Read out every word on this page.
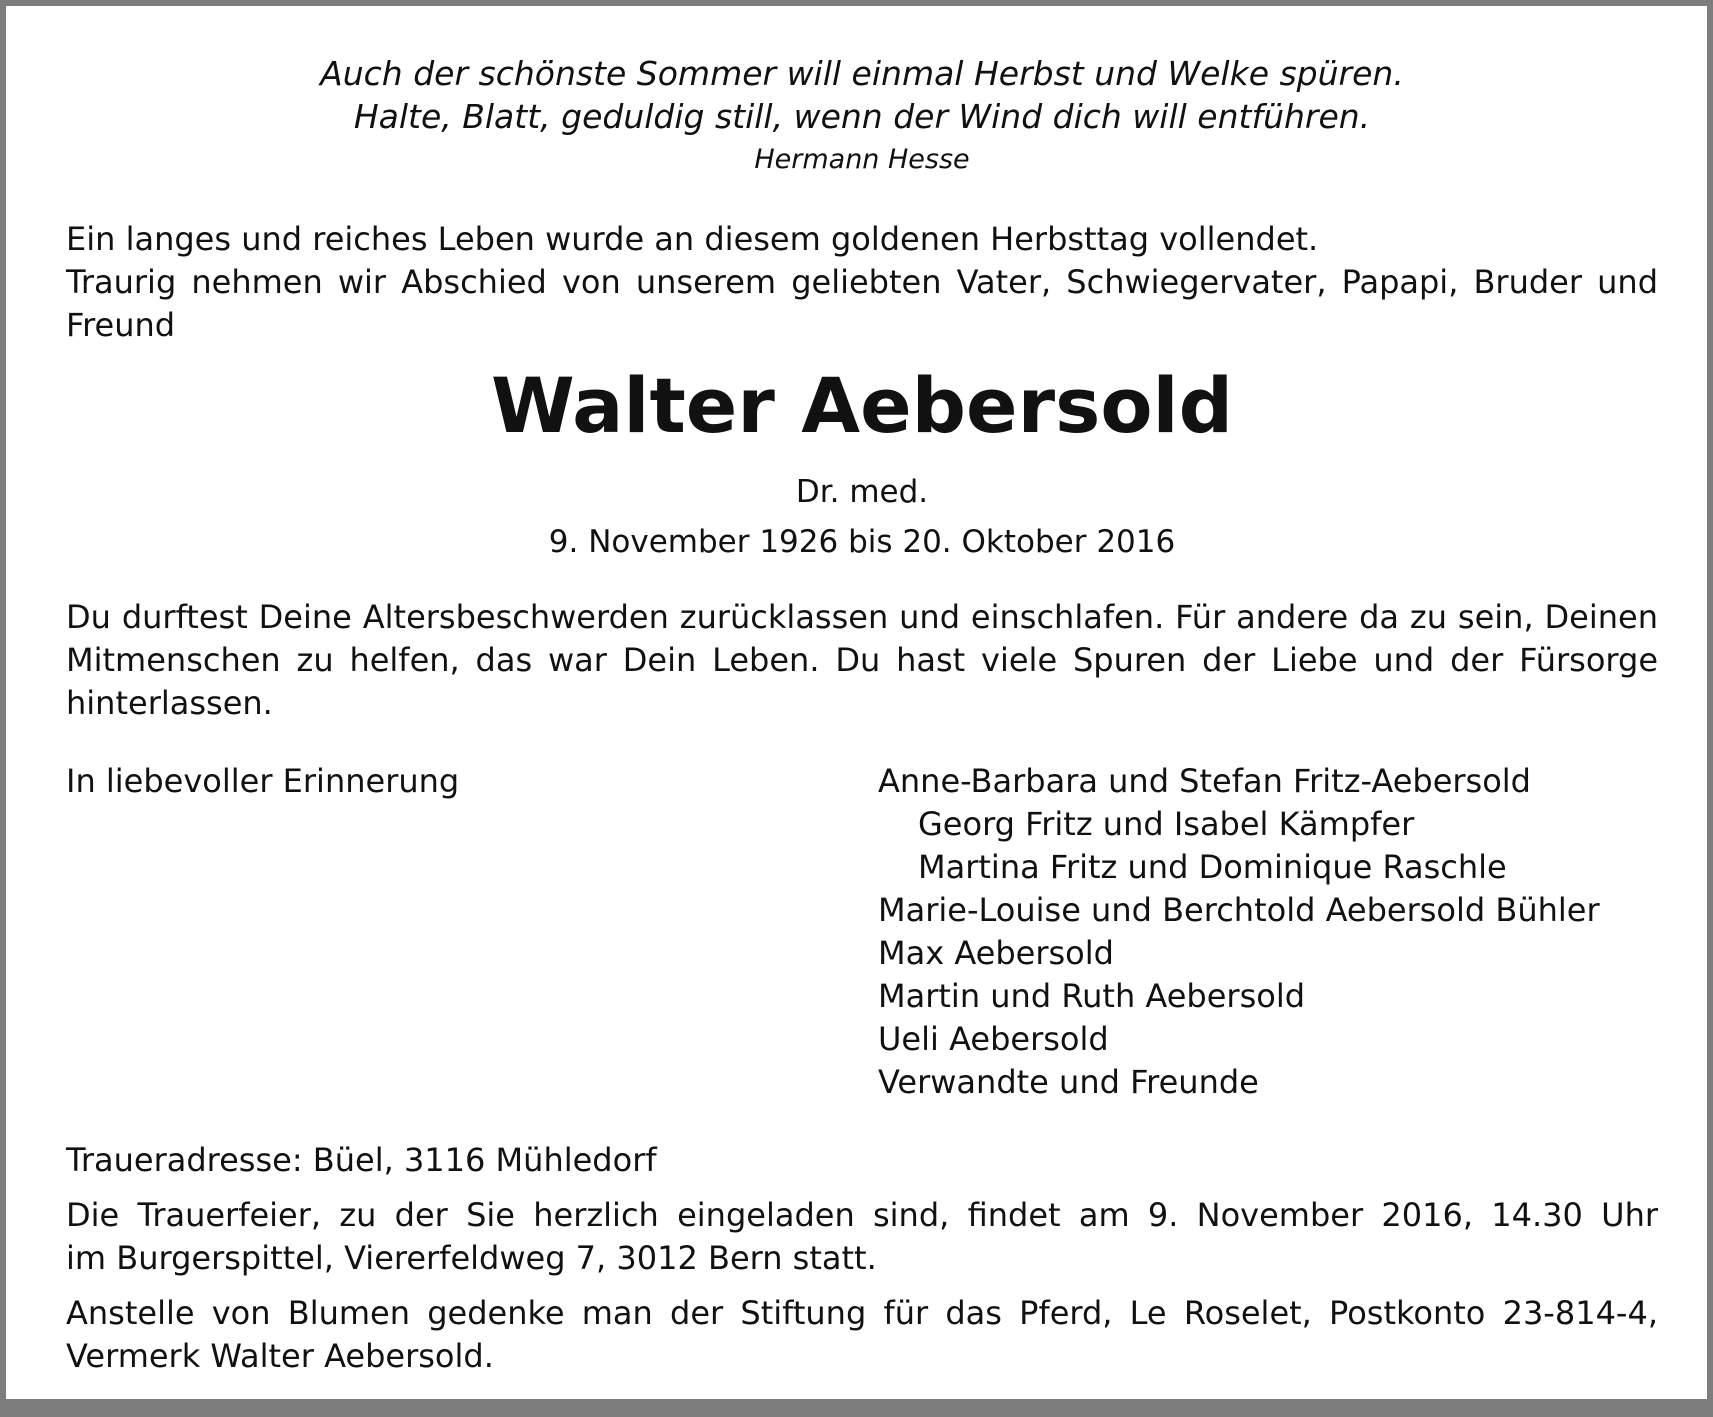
Auch der schönste Sommer will einmal Herbst und Welke spüren.
Halte, Blatt, geduldig still, wenn der Wind dich will entführen.
Hermann Hesse
Ein langes und reiches Leben wurde an diesem goldenen Herbsttag vollendet.
Traurig nehmen wir Abschied von unserem geliebten Vater, Schwiegervater, Papapi, Bruder und
Freund
Walter Aebersold
Dr. med.
9. November 1926 bis 20. Oktober 2016
Du durftest Deine Altersbeschwerden zurücklassen und einschlafen. Für andere da zu sein, Deinen
Mitmenschen zu helfen, das war Dein Leben. Du hast viele Spuren der Liebe und der Fürsorge
hinterlassen.
In liebevoller Erinnerung	Anne-Barbara und Stefan Fritz-Aebersold
Georg Fritz und Isabel Kämpfer
Martina Fritz und Dominique Raschle
Marie-Louise und Berchtold Aebersold Bühler
Max Aebersold
Martin und Ruth Aebersold
Ueli Aebersold
Verwandte und Freunde
Traueradresse: Büel, 3116 Mühledorf
Die Trauerfeier, zu der Sie herzlich eingeladen sind, findet am 9. November 2016, 14.30 Uhr
im Burgerspittel, Viererfeldweg 7, 3012 Bern statt.
Anstelle von Blumen gedenke man der Stiftung für das Pferd, Le Roselet, Postkonto 23-814-4,
Vermerk Walter Aebersold.
